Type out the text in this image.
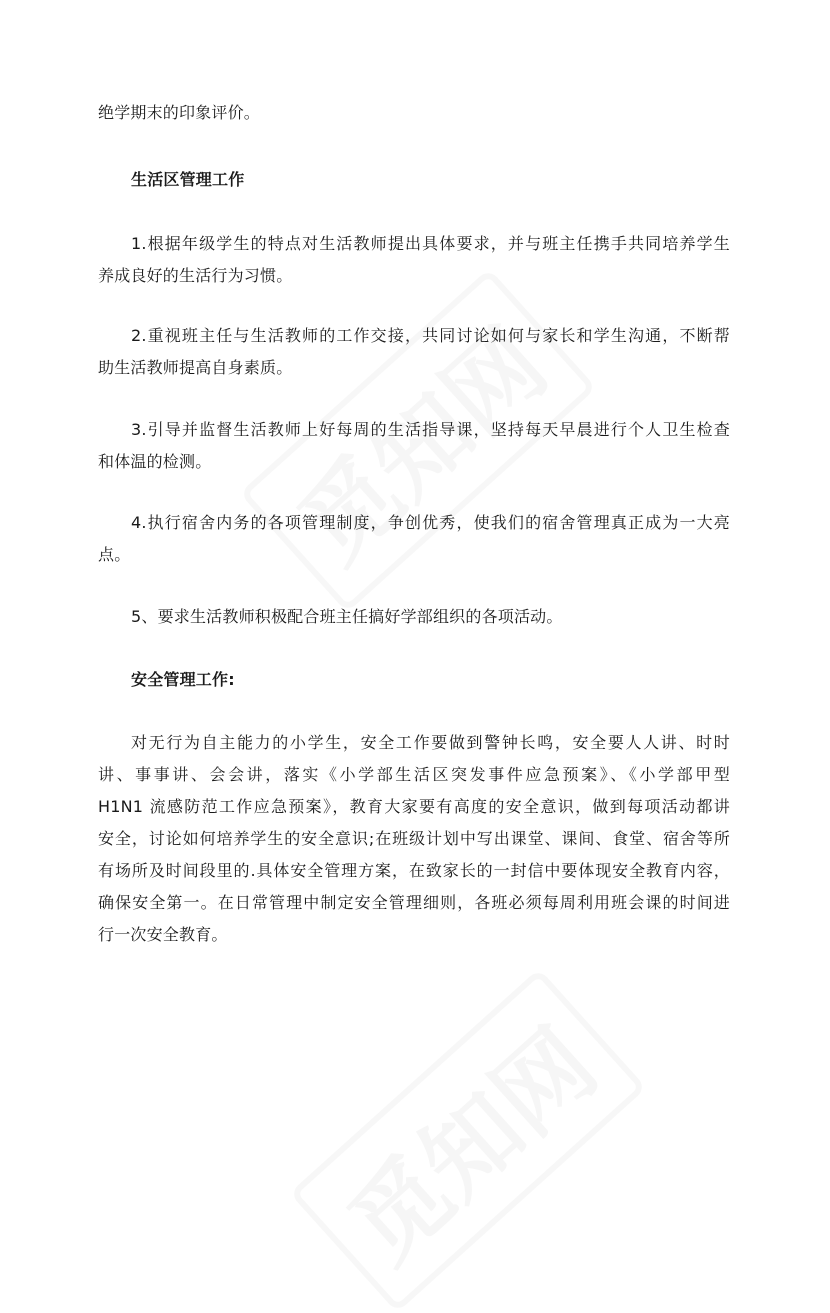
绝学期末的印象评价。
生活区管理工作
1.根据年级学生的特点对生活教师提出具体要求，并与班主任携手共同培养学生
养成良好的生活行为习惯。
2.重视班主任与生活教师的工作交接，共同讨论如何与家长和学生沟通，不断帮
助生活教师提高自身素质。
3.引导并监督生活教师上好每周的生活指导课，坚持每天早晨进行个人卫生检查
和体温的检测。
4.执行宿舍内务的各项管理制度，争创优秀，使我们的宿舍管理真正成为一大亮
点。
5、要求生活教师积极配合班主任搞好学部组织的各项活动。
安全管理工作:
对无行为自主能力的小学生，安全工作要做到警钟长鸣，安全要人人讲、时时
讲、事事讲、会会讲，落实《小学部生活区突发事件应急预案》、《小学部甲型
H1N1 流感防范工作应急预案》，教育大家要有高度的安全意识，做到每项活动都讲
安全，讨论如何培养学生的安全意识;在班级计划中写出课堂、课间、食堂、宿舍等所
有场所及时间段里的.具体安全管理方案，在致家长的一封信中要体现安全教育内容，
确保安全第一。在日常管理中制定安全管理细则，各班必须每周利用班会课的时间进
行一次安全教育。
